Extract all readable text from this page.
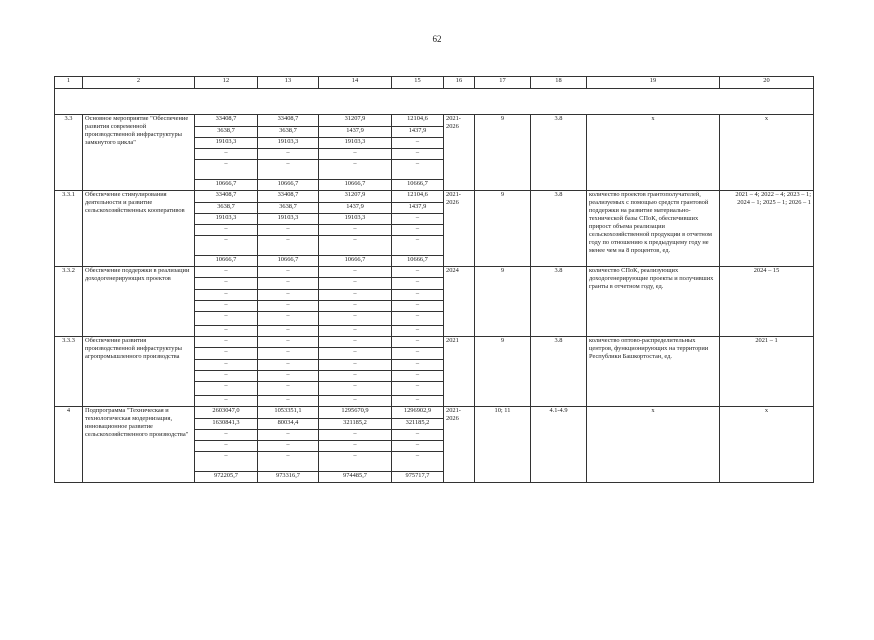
62
1	2	12	13	14	15	16	17	18	19	20

3.3	Основное мероприятие "Обеспечение развития современной производственной инфраструктуры замкнутого цикла"	33408,7	33408,7	31207,9	12104,6	2021-2026	9	3.8	х	х
		3638,7	3638,7	1437,9	1437,9					
		19103,3	19103,3	19103,3	–					
		–	–	–	–					
		–	–	–	–					
		10666,7	10666,7	10666,7	10666,7					

3.3.1	Обеспечение стимулирования деятельности и развитие сельскохозяйственных кооперативов	33408,7	33408,7	31207,9	12104,6	2021-2026	9	3.8	количество проектов грантополучателей, реализуемых с помощью средств грантовой поддержки на развитие материально-технической базы СПоК, обеспечивших прирост объема реализации сельскохозяйственной продукции в отчетном году по отношению к предыдущему году не менее чем на 8 процентов, ед.	2021 – 4; 2022 – 4; 2023 – 1; 2024 – 1; 2025 – 1; 2026 – 1
		3638,7	3638,7	1437,9	1437,9					
		19103,3	19103,3	19103,3	–					
		–	–	–	–					
		–	–	–	–					
		10666,7	10666,7	10666,7	10666,7					

3.3.2	Обеспечение поддержки в реализации доходогенерирующих проектов	–	–	–	–	2024	9	3.8	количество СПоК, реализующих доходогенерирующие проекты и получивших гранты в отчетном году, ед.	2024 – 15
		–	–	–	–					
		–	–	–	–					
		–	–	–	–					
		–	–	–	–					
		–	–	–	–					

3.3.3	Обеспечение развития производственной инфраструктуры агропромышленного производства	–	–	–	–	2021	9	3.8	количество оптово-распределительных центров, функционирующих на территории Республики Башкортостан, ед.	2021 – 1
		–	–	–	–					
		–	–	–	–					
		–	–	–	–					
		–	–	–	–					
		–	–	–	–					

4	Подпрограмма "Техническая и технологическая модернизация, инновационное развитие сельскохозяйственного производства"	2603047,0	1053351,1	1295670,9	1296902,9	2021-2026	10; 11	4.1-4.9	х	х
		1630841,3	80034,4	321185,2	321185,2					
		–	–	–	–					
		–	–	–	–					
		–	–	–	–					
		972205,7	973316,7	974485,7	975717,7					
